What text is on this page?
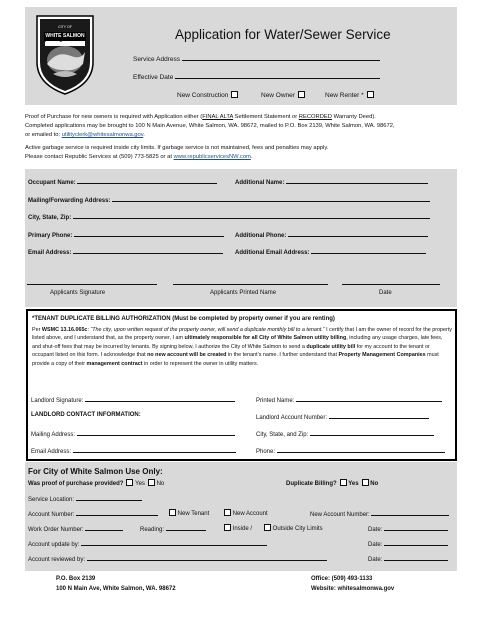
CITY OF
WHITE SALMON	Application for Water/Sewer Service
Service Address
Effective Date
New Construction	New Owner	New Renter *
Proof of Purchase for new owners is required with Application either (FINAL ALTA Settlement Statement or RECORDED Warranty Deed).
Completed applications may be brought to 100 N Main Avenue, White Salmon, WA. 98672, mailed to P.O. Box 2139, White Salmon, WA. 98672,
or emailed to: utilityclerk@whitesalmonwa.gov.
Active garbage service is required inside city limits. If garbage service is not maintained, fees and penalties may apply.
Please contact Republic Services at (509) 773-5825 or at www.republicservicesNW.com.
Occupant Name:	Additional Name:
Mailing/Forwarding Address:
City, State, Zip:
Primary Phone:	Additional Phone:
Email Address:	Additional Email Address:
Applicants Signature	Applicants Printed Name	Date
*TENANT DUPLICATE BILLING AUTHORIZATION (Must be completed by property owner if you are renting)
Per WSMC 13.16.065c: “The city, upon written request of the property owner, will send a duplicate monthly bill to a tenant.” I certify that I am the owner of record for the property listed above, and I understand that, as the property owner, I am ultimately responsible for all City of White Salmon utility billing, including any usage charges, late fees, and shut-off fees that may be incurred by tenants. By signing below, I authorize the City of White Salmon to send a duplicate utility bill for my account to the tenant or occupant listed on this form. I acknowledge that no new account will be created in the tenant’s name. I further understand that Property Management Companies must provide a copy of their management contract in order to represent the owner in utility matters.
Landlord Signature:	Printed Name:
LANDLORD CONTACT INFORMATION:	Landlord Account Number:
Mailing Address:	City, State, and Zip:
Email Address:	Phone:
For City of White Salmon Use Only:
Was proof of purchase provided? Yes No	Duplicate Billing? Yes No
Service Location:
Account Number:	New Tenant	New Account	New Account Number:
Work Order Number:	Reading:	Inside /	Outside City Limits	Date:
Account update by:	Date:
Account reviewed by:	Date:
P.O. Box 2139
100 N Main Ave, White Salmon, WA. 98672
Office: (509) 493-1133
Website: whitesalmonwa.gov
